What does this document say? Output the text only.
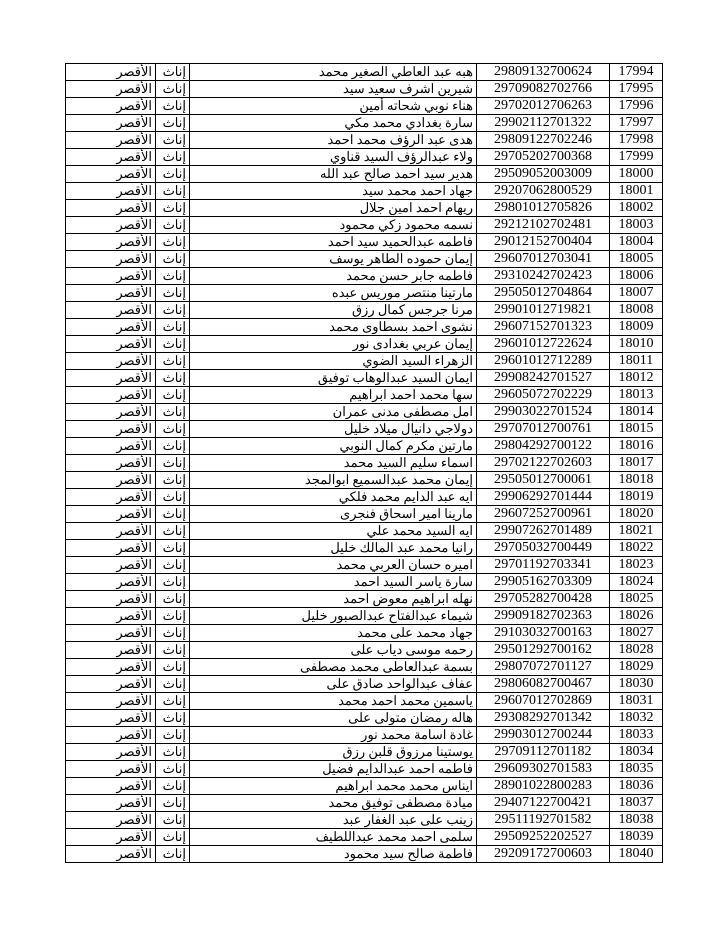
الأقصر	إناث	هبه عبد العاطي الصغير محمد	29809132700624	17994
الأقصر	إناث	شيرين اشرف سعيد سيد	29709082702766	17995
الأقصر	إناث	هناء نوبي شحاته أمين	29702012706263	17996
الأقصر	إناث	سارة بغدادي محمد مكي	29902112701322	17997
الأقصر	إناث	هدى عبد الرؤف محمد احمد	29809122702246	17998
الأقصر	إناث	ولاء عبدالرؤف السيد قناوي	29705202700368	17999
الأقصر	إناث	هدير سيد احمد صالح عبد الله	29509052003009	18000
الأقصر	إناث	جهاد احمد محمد سيد	29207062800529	18001
الأقصر	إناث	ريهام احمد امين جلال	29801012705826	18002
الأقصر	إناث	نسمه محمود زكي محمود	29212102702481	18003
الأقصر	إناث	فاطمه عبدالحميد سيد احمد	29012152700404	18004
الأقصر	إناث	إيمان حموده الطاهر يوسف	29607012703041	18005
الأقصر	إناث	فاطمه جابر حسن محمد	29310242702423	18006
الأقصر	إناث	مارتينا منتصر موريس عبده	29505012704864	18007
الأقصر	إناث	مرنا جرجس كمال رزق	29901012719821	18008
الأقصر	إناث	نشوى احمد بسطاوى محمد	29607152701323	18009
الأقصر	إناث	إيمان عربي بغدادى نور	29601012722624	18010
الأقصر	إناث	الزهراء السيد الضوي	29601012712289	18011
الأقصر	إناث	ايمان السيد عبدالوهاب توفيق	29908242701527	18012
الأقصر	إناث	سها محمد احمد ابراهيم	29605072702229	18013
الأقصر	إناث	امل مصطفى مدنى عمران	29903022701524	18014
الأقصر	إناث	دولاجي دانيال ميلاد خليل	29707012700761	18015
الأقصر	إناث	مارتين مكرم كمال النوبي	29804292700122	18016
الأقصر	إناث	اسماء سليم السيد محمد	29702122702603	18017
الأقصر	إناث	إيمان محمد عبدالسميع ابوالمجد	29505012700061	18018
الأقصر	إناث	ايه عبد الدايم محمد فلكي	29906292701444	18019
الأقصر	إناث	مارينا امير اسحاق فنجرى	29607252700961	18020
الأقصر	إناث	ايه السيد محمد علي	29907262701489	18021
الأقصر	إناث	رانيا محمد عبد المالك خليل	29705032700449	18022
الأقصر	إناث	اميره حسان العربي محمد	29701192703341	18023
الأقصر	إناث	سارة ياسر السيد احمد	29905162703309	18024
الأقصر	إناث	نهله ابراهيم معوض احمد	29705282700428	18025
الأقصر	إناث	شيماء عبدالفتاح عبدالصبور خليل	29909182702363	18026
الأقصر	إناث	جهاد محمد على محمد	29103032700163	18027
الأقصر	إناث	رحمه موسى دياب على	29501292700162	18028
الأقصر	إناث	بسمة عبدالعاطى محمد مصطفى	29807072701127	18029
الأقصر	إناث	عفاف عبدالواحد صادق على	29806082700467	18030
الأقصر	إناث	ياسمين محمد احمد محمد	29607012702869	18031
الأقصر	إناث	هاله رمضان متولى على	29308292701342	18032
الأقصر	إناث	غادة اسامة محمد نور	29903012700244	18033
الأقصر	إناث	يوستينا مرزوق قلبن رزق	29709112701182	18034
الأقصر	إناث	فاطمه احمد عبدالدايم فضيل	29609302701583	18035
الأقصر	إناث	ايناس محمد محمد ابراهيم	28901022800283	18036
الأقصر	إناث	ميادة مصطفى توفيق محمد	29407122700421	18037
الأقصر	إناث	زينب على عبد الغفار عبد	29511192701582	18038
الأقصر	إناث	سلمى احمد محمد عبداللطيف	29509252202527	18039
الأقصر	إناث	فاطمة صالح سيد محمود	29209172700603	18040
